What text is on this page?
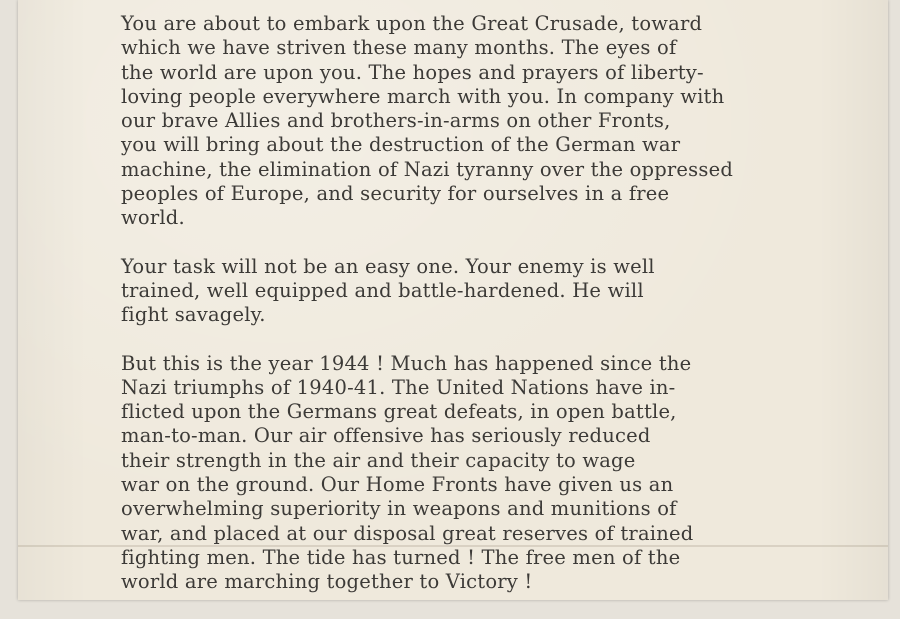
You are about to embark upon the Great Crusade, toward
which we have striven these many months. The eyes of
the world are upon you. The hopes and prayers of liberty-
loving people everywhere march with you. In company with
our brave Allies and brothers-in-arms on other Fronts,
you will bring about the destruction of the German war
machine, the elimination of Nazi tyranny over the oppressed
peoples of Europe, and security for ourselves in a free
world.

Your task will not be an easy one. Your enemy is well
trained, well equipped and battle-hardened. He will
fight savagely.

But this is the year 1944 ! Much has happened since the
Nazi triumphs of 1940-41. The United Nations have in-
flicted upon the Germans great defeats, in open battle,
man-to-man. Our air offensive has seriously reduced
their strength in the air and their capacity to wage
war on the ground. Our Home Fronts have given us an
overwhelming superiority in weapons and munitions of
war, and placed at our disposal great reserves of trained
fighting men. The tide has turned ! The free men of the
world are marching together to Victory !
